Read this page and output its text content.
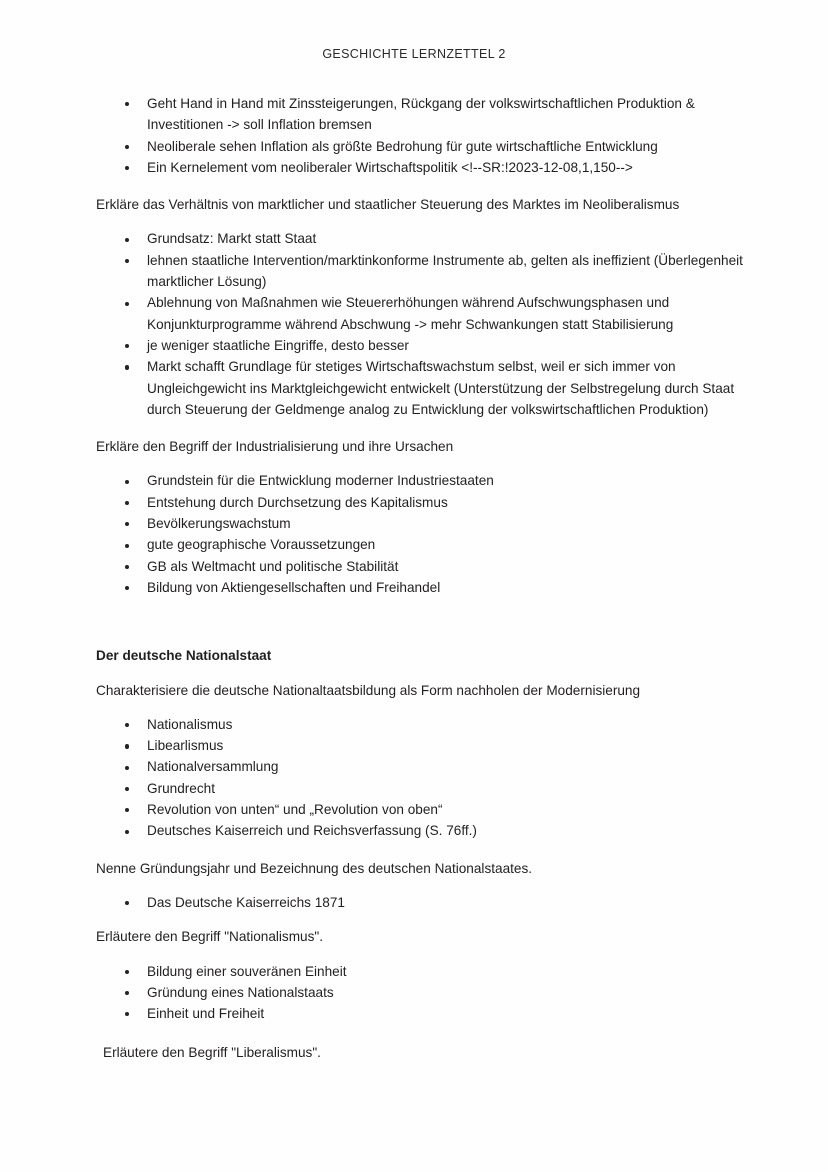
GESCHICHTE LERNZETTEL 2
Geht Hand in Hand mit Zinssteigerungen, Rückgang der volkswirtschaftlichen Produktion & Investitionen -> soll Inflation bremsen
Neoliberale sehen Inflation als größte Bedrohung für gute wirtschaftliche Entwicklung
Ein Kernelement vom neoliberaler Wirtschaftspolitik <!--SR:!2023-12-08,1,150-->

Erkläre das Verhältnis von marktlicher und staatlicher Steuerung des Marktes im Neoliberalismus

Grundsatz: Markt statt Staat
lehnen staatliche Intervention/marktinkonforme Instrumente ab, gelten als ineffizient (Überlegenheit marktlicher Lösung)
Ablehnung von Maßnahmen wie Steuererhöhungen während Aufschwungsphasen und Konjunkturprogramme während Abschwung -> mehr Schwankungen statt Stabilisierung
je weniger staatliche Eingriffe, desto besser
Markt schafft Grundlage für stetiges Wirtschaftswachstum selbst, weil er sich immer von Ungleichgewicht ins Marktgleichgewicht entwickelt (Unterstützung der Selbstregelung durch Staat durch Steuerung der Geldmenge analog zu Entwicklung der volkswirtschaftlichen Produktion)

Erkläre den Begriff der Industrialisierung und ihre Ursachen

Grundstein für die Entwicklung moderner Industriestaaten
Entstehung durch Durchsetzung des Kapitalismus
Bevölkerungswachstum
gute geographische Voraussetzungen
GB als Weltmacht und politische Stabilität
Bildung von Aktiengesellschaften und Freihandel

Der deutsche Nationalstaat

Charakterisiere die deutsche Nationaltaatsbildung als Form nachholen der Modernisierung

Nationalismus
Libearlismus
Nationalversammlung
Grundrecht
Revolution von unten“ und „Revolution von oben“
Deutsches Kaiserreich und Reichsverfassung (S. 76ff.)

Nenne Gründungsjahr und Bezeichnung des deutschen Nationalstaates.

Das Deutsche Kaiserreichs 1871

Erläutere den Begriff "Nationalismus".

Bildung einer souveränen Einheit
Gründung eines Nationalstaats
Einheit und Freiheit

Erläutere den Begriff "Liberalismus".
